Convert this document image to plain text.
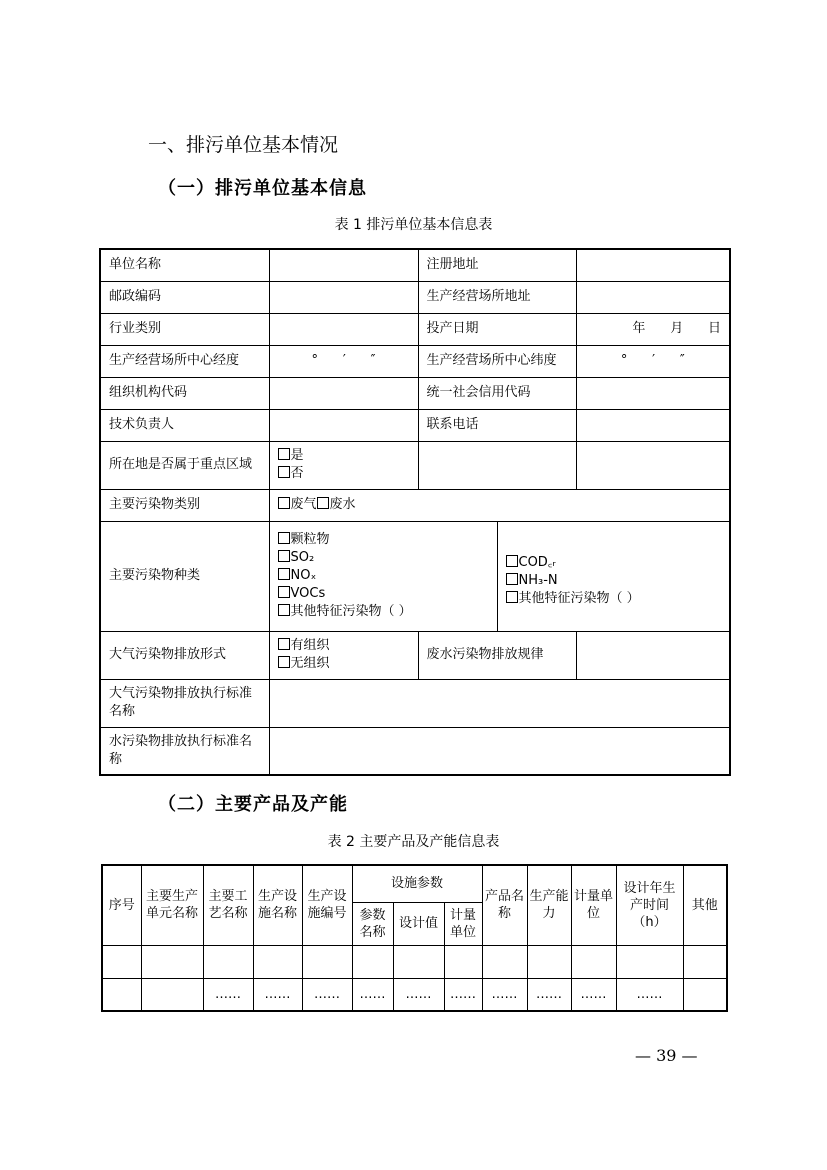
一、排污单位基本情况
（一）排污单位基本信息
表 1 排污单位基本信息表
单位名称		注册地址		
邮政编码		生产经营场所地址		
行业类别		投产日期		年      月      日
生产经营场所中心经度	°      ′      ″	生产经营场所中心纬度		°      ′      ″
组织机构代码		统一社会信用代码		
技术负责人		联系电话		
所在地是否属于重点区域	是
否			

主要污染物类别	废气 废水			
主要污染物种类	颗粒物
SO₂
NOₓ
VOCs
其他特征污染物（ ）		COD꜀ᵣ
NH₃-N
其他特征污染物（ ）	

大气污染物排放形式	有组织
无组织	废水污染物排放规律		
大气污染物排放执行标准名称				
水污染物排放执行标准名称				
（二）主要产品及产能
表 2 主要产品及产能信息表
序号	主要生产单元名称	主要工艺名称	生产设施名称	生产设施编号	设施参数			产品名称	生产能力	计量单位	设计年生产时间（h）	其他
					参数名称	设计值	计量单位					

		……	……	……	……	……	……	……	……	……	……	
— 39 —
